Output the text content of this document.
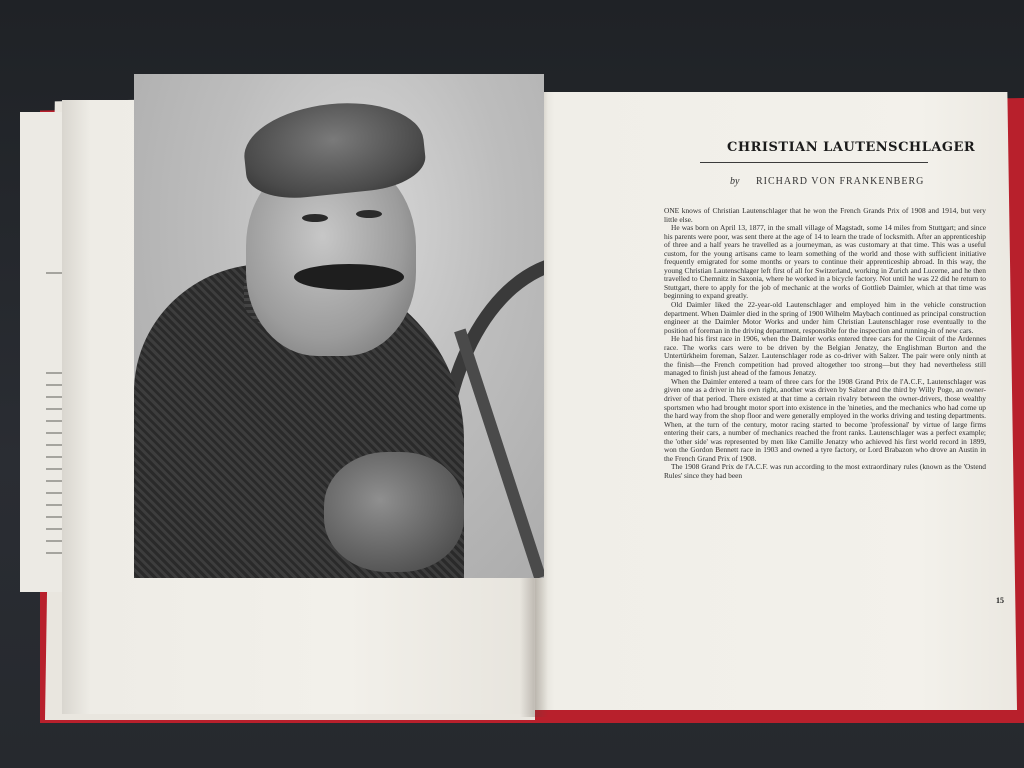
CHRISTIAN LAUTENSCHLAGER
by RICHARD VON FRANKENBERG

ONE knows of Christian Lautenschlager that he won the French Grands Prix of 1908 and 1914, but very little else.

He was born on April 13, 1877, in the small village of Magstadt, some 14 miles from Stuttgart; and since his parents were poor, was sent there at the age of 14 to learn the trade of locksmith. After an apprenticeship of three and a half years he travelled as a journeyman, as was customary at that time. This was a useful custom, for the young artisans came to learn something of the world and those with sufficient initiative frequently emigrated for some months or years to continue their apprenticeship abroad. In this way, the young Christian Lautenschlager left first of all for Switzerland, working in Zurich and Lucerne, and he then travelled to Chemnitz in Saxonia, where he worked in a bicycle factory. Not until he was 22 did he return to Stuttgart, there to apply for the job of mechanic at the works of Gottlieb Daimler, which at that time was beginning to expand greatly.

Old Daimler liked the 22-year-old Lautenschlager and employed him in the vehicle construction department. When Daimler died in the spring of 1900 Wilhelm Maybach continued as principal construction engineer at the Daimler Motor Works and under him Christian Lautenschlager rose eventually to the position of foreman in the driving department, responsible for the inspection and running-in of new cars.

He had his first race in 1906, when the Daimler works entered three cars for the Circuit of the Ardennes race. The works cars were to be driven by the Belgian Jenatzy, the Englishman Burton and the Untertürkheim foreman, Salzer. Lautenschlager rode as co-driver with Salzer. The pair were only ninth at the finish—the French competition had proved altogether too strong—but they had nevertheless still managed to finish just ahead of the famous Jenatzy.

When the Daimler entered a team of three cars for the 1908 Grand Prix de l'A.C.F., Lautenschlager was given one as a driver in his own right, another was driven by Salzer and the third by Willy Poge, an owner-driver of that period. There existed at that time a certain rivalry between the owner-drivers, those wealthy sportsmen who had brought motor sport into existence in the 'nineties, and the mechanics who had come up the hard way from the shop floor and were generally employed in the works driving and testing departments. When, at the turn of the century, motor racing started to become 'professional' by virtue of large firms entering their cars, a number of mechanics reached the front ranks. Lautenschlager was a perfect example; the 'other side' was represented by men like Camille Jenatzy who achieved his first world record in 1899, won the Gordon Bennett race in 1903 and owned a tyre factory, or Lord Brabazon who drove an Austin in the French Grand Prix of 1908.

The 1908 Grand Prix de l'A.C.F. was run according to the most extraordinary rules (known as the 'Ostend Rules' since they had been

15
